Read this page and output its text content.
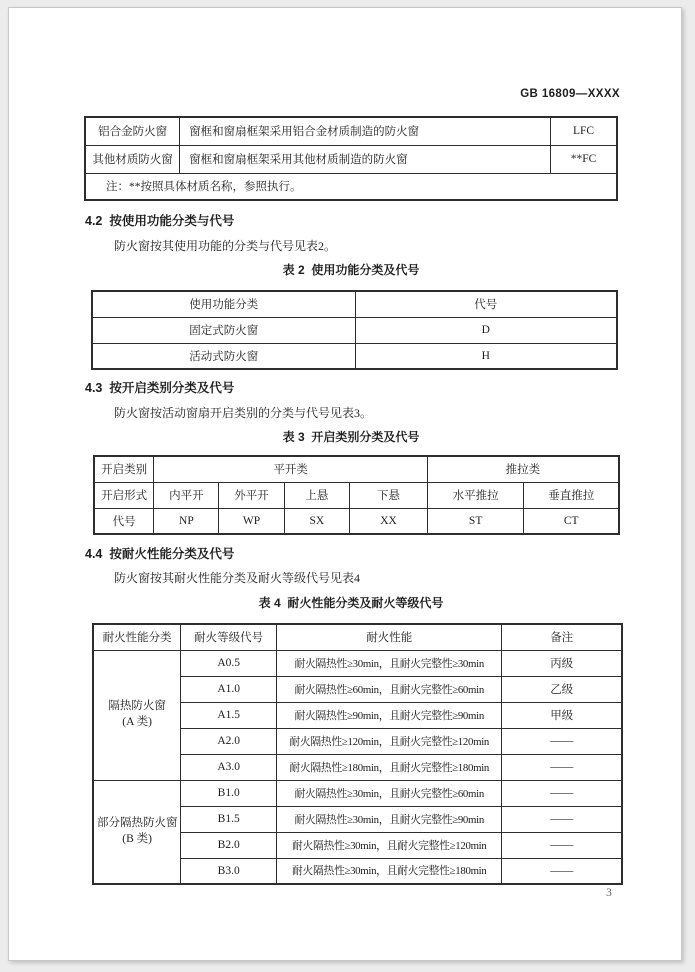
GB 16809—XXXX
铝合金防火窗	窗框和窗扇框架采用铝合金材质制造的防火窗	LFC
其他材质防火窗	窗框和窗扇框架采用其他材质制造的防火窗	**FC
注：**按照具体材质名称，参照执行。		
4.2  按使用功能分类与代号
防火窗按其使用功能的分类与代号见表2。
表 2  使用功能分类及代号
使用功能分类	代号
固定式防火窗	D
活动式防火窗	H
4.3  按开启类别分类及代号
防火窗按活动窗扇开启类别的分类与代号见表3。
表 3  开启类别分类及代号
开启类别	平开类				推拉类	
开启形式	内平开	外平开	上悬	下悬	水平推拉	垂直推拉
代号	NP	WP	SX	XX	ST	CT
4.4  按耐火性能分类及代号
防火窗按其耐火性能分类及耐火等级代号见表4
表 4  耐火性能分类及耐火等级代号
耐火性能分类	耐火等级代号	耐火性能	备注

隔热防火窗
(A 类)	A0.5	耐火隔热性≥30min，且耐火完整性≥30min	丙级
	A1.0	耐火隔热性≥60min，且耐火完整性≥60min	乙级
	A1.5	耐火隔热性≥90min，且耐火完整性≥90min	甲级
	A2.0	耐火隔热性≥120min，且耐火完整性≥120min	——
	A3.0	耐火隔热性≥180min，且耐火完整性≥180min	——

部分隔热防火窗
(B 类)	B1.0	耐火隔热性≥30min，且耐火完整性≥60min	——
	B1.5	耐火隔热性≥30min，且耐火完整性≥90min	——
	B2.0	耐火隔热性≥30min，且耐火完整性≥120min	——
	B3.0	耐火隔热性≥30min，且耐火完整性≥180min	——
3
